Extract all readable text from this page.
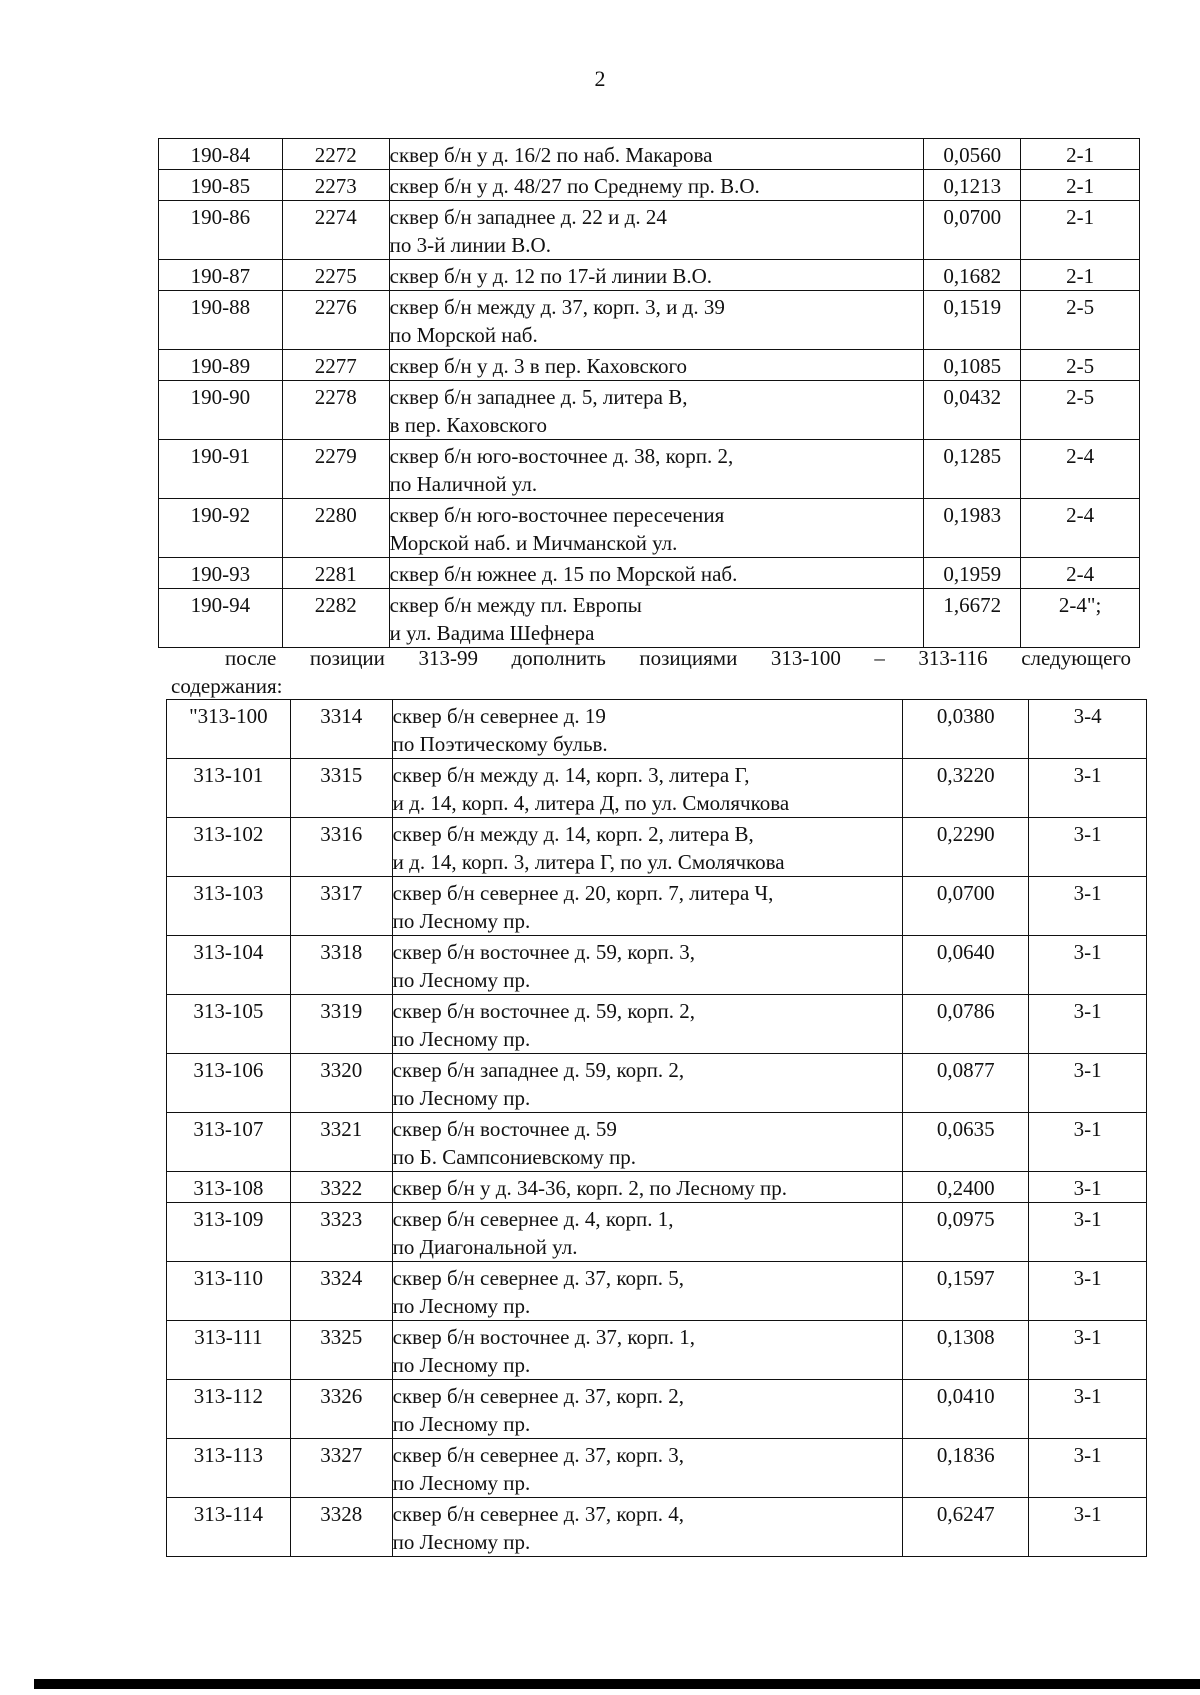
2
190-84	2272	сквер б/н у д. 16/2 по наб. Макарова	0,0560	2-1
190-85	2273	сквер б/н у д. 48/27 по Среднему пр. В.О.	0,1213	2-1
190-86	2274	сквер б/н западнее д. 22 и д. 24
по 3-й линии В.О.	0,0700	2-1
190-87	2275	сквер б/н у д. 12 по 17-й линии В.О.	0,1682	2-1
190-88	2276	сквер б/н между д. 37, корп. 3, и д. 39
по Морской наб.	0,1519	2-5
190-89	2277	сквер б/н у д. 3 в пер. Каховского	0,1085	2-5
190-90	2278	сквер б/н западнее д. 5, литера В,
в пер. Каховского	0,0432	2-5
190-91	2279	сквер б/н юго-восточнее д. 38, корп. 2,
по Наличной ул.	0,1285	2-4
190-92	2280	сквер б/н юго-восточнее пересечения
Морской наб. и Мичманской ул.	0,1983	2-4
190-93	2281	сквер б/н южнее д. 15 по Морской наб.	0,1959	2-4
190-94	2282	сквер б/н между пл. Европы
и ул. Вадима Шефнера	1,6672	2-4";
после позиции 313-99 дополнить позициями 313-100 – 313-116 следующего
содержания:
"313-100	3314	сквер б/н севернее д. 19
по Поэтическому бульв.	0,0380	3-4
313-101	3315	сквер б/н между д. 14, корп. 3, литера Г,
и д. 14, корп. 4, литера Д, по ул. Смолячкова	0,3220	3-1
313-102	3316	сквер б/н между д. 14, корп. 2, литера В,
и д. 14, корп. 3, литера Г, по ул. Смолячкова	0,2290	3-1
313-103	3317	сквер б/н севернее д. 20, корп. 7, литера Ч,
по Лесному пр.	0,0700	3-1
313-104	3318	сквер б/н восточнее д. 59, корп. 3,
по Лесному пр.	0,0640	3-1
313-105	3319	сквер б/н восточнее д. 59, корп. 2,
по Лесному пр.	0,0786	3-1
313-106	3320	сквер б/н западнее д. 59, корп. 2,
по Лесному пр.	0,0877	3-1
313-107	3321	сквер б/н восточнее д. 59
по Б. Сампсониевскому пр.	0,0635	3-1
313-108	3322	сквер б/н у д. 34-36, корп. 2, по Лесному пр.	0,2400	3-1
313-109	3323	сквер б/н севернее д. 4, корп. 1,
по Диагональной ул.	0,0975	3-1
313-110	3324	сквер б/н севернее д. 37, корп. 5,
по Лесному пр.	0,1597	3-1
313-111	3325	сквер б/н восточнее д. 37, корп. 1,
по Лесному пр.	0,1308	3-1
313-112	3326	сквер б/н севернее д. 37, корп. 2,
по Лесному пр.	0,0410	3-1
313-113	3327	сквер б/н севернее д. 37, корп. 3,
по Лесному пр.	0,1836	3-1
313-114	3328	сквер б/н севернее д. 37, корп. 4,
по Лесному пр.	0,6247	3-1
